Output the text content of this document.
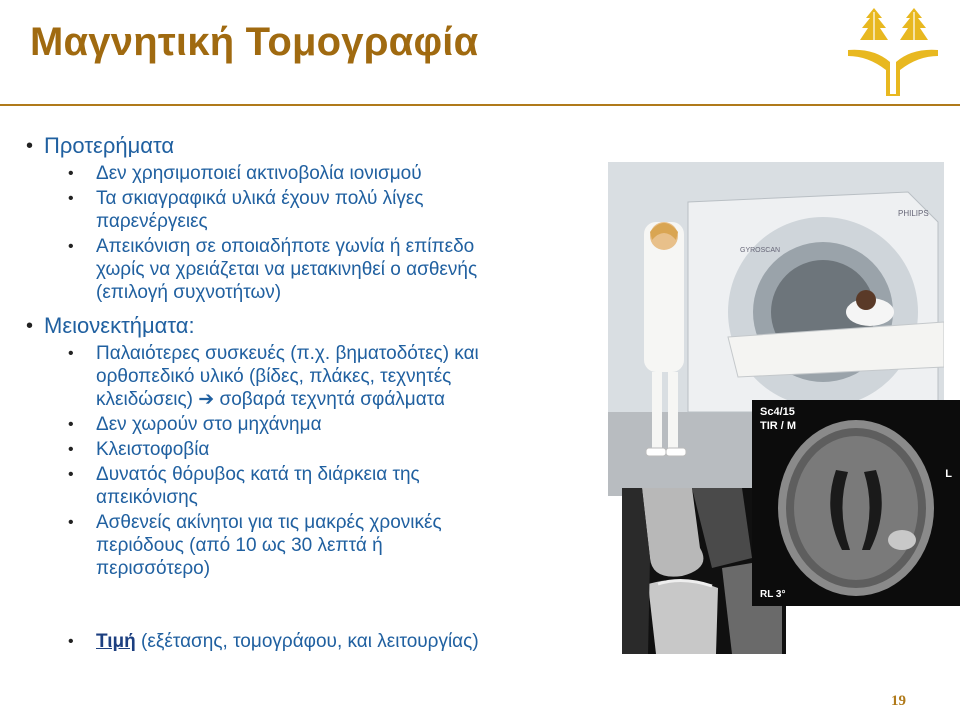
Μαγνητική Τομογραφία
• Προτερήματα
• Δεν χρησιμοποιεί ακτινοβολία ιονισμού
• Τα σκιαγραφικά υλικά έχουν πολύ λίγες
παρενέργειες
• Απεικόνιση σε οποιαδήποτε γωνία ή επίπεδο
χωρίς να χρειάζεται να μετακινηθεί ο ασθενής
(επιλογή συχνοτήτων)
• Μειονεκτήματα:
• Παλαιότερες συσκευές (π.χ. βηματοδότες) και
ορθοπεδικό υλικό (βίδες, πλάκες, τεχνητές
κλειδώσεις) ➔ σοβαρά τεχνητά σφάλματα
• Δεν χωρούν στο μηχάνημα
• Κλειστοφοβία
• Δυνατός θόρυβος κατά τη διάρκεια της
απεικόνισης
• Ασθενείς ακίνητοι για τις μακρές χρονικές
περιόδους (από 10 ως 30 λεπτά ή
περισσότερο)
• Τιμή (εξέτασης, τομογράφου, και λειτουργίας)
PHILIPS
GYROSCAN
Sc4/15
TIR / M
L
RL 3°
19
